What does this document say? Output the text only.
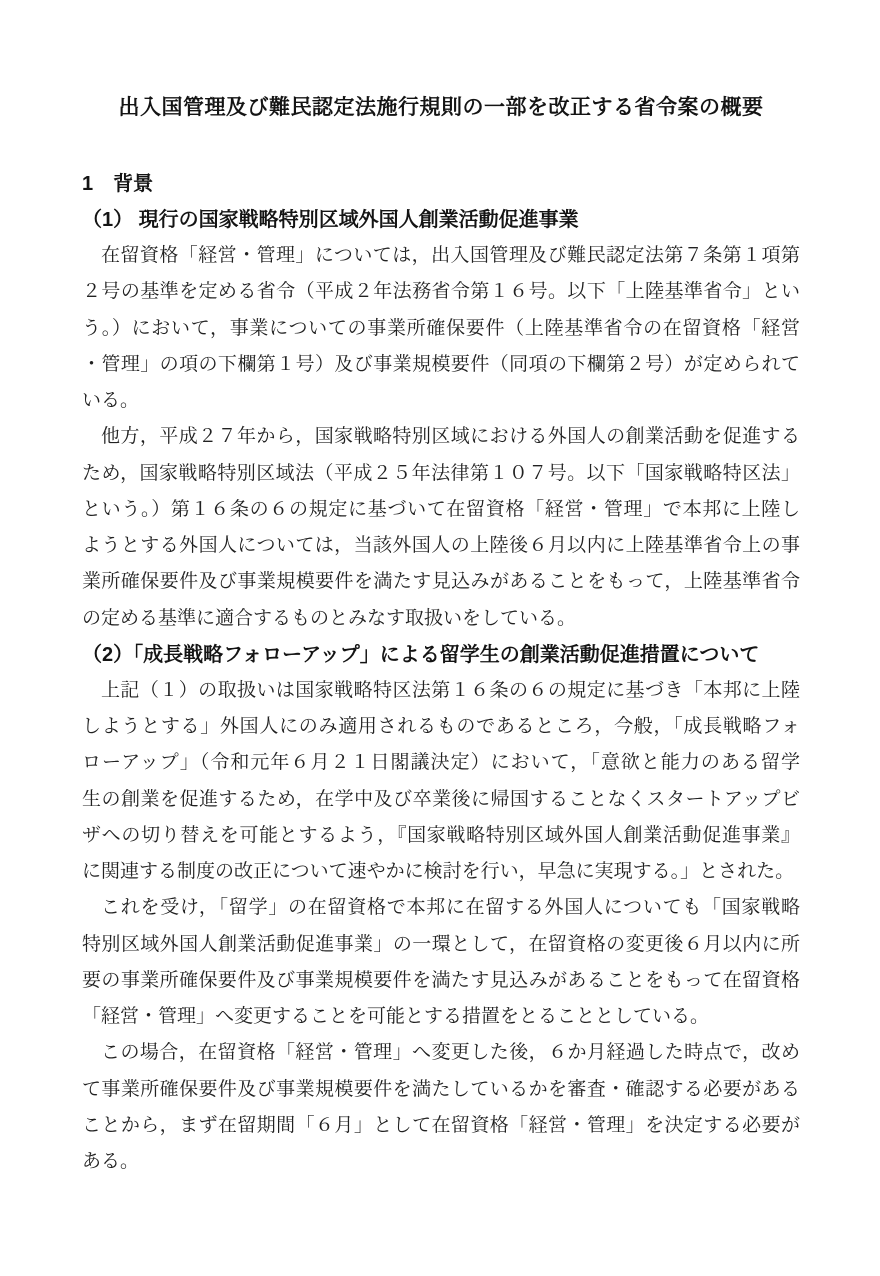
出入国管理及び難民認定法施行規則の一部を改正する省令案の概要
1　背景
（1） 現行の国家戦略特別区域外国人創業活動促進事業
在留資格「経営・管理」については，出入国管理及び難民認定法第７条第１項第
２号の基準を定める省令（平成２年法務省令第１６号。以下「上陸基準省令」とい
う。）において，事業についての事業所確保要件（上陸基準省令の在留資格「経営
・管理」の項の下欄第１号）及び事業規模要件（同項の下欄第２号）が定められて
いる。
他方，平成２７年から，国家戦略特別区域における外国人の創業活動を促進する
ため，国家戦略特別区域法（平成２５年法律第１０７号。以下「国家戦略特区法」
という。）第１６条の６の規定に基づいて在留資格「経営・管理」で本邦に上陸し
ようとする外国人については，当該外国人の上陸後６月以内に上陸基準省令上の事
業所確保要件及び事業規模要件を満たす見込みがあることをもって，上陸基準省令
の定める基準に適合するものとみなす取扱いをしている。
（2）「成長戦略フォローアップ」による留学生の創業活動促進措置について
上記（１）の取扱いは国家戦略特区法第１６条の６の規定に基づき「本邦に上陸
しようとする」外国人にのみ適用されるものであるところ，今般，「成長戦略フォ
ローアップ」（令和元年６月２１日閣議決定）において，「意欲と能力のある留学
生の創業を促進するため，在学中及び卒業後に帰国することなくスタートアップビ
ザへの切り替えを可能とするよう，『国家戦略特別区域外国人創業活動促進事業』
に関連する制度の改正について速やかに検討を行い，早急に実現する。」とされた。
これを受け，「留学」の在留資格で本邦に在留する外国人についても「国家戦略
特別区域外国人創業活動促進事業」の一環として，在留資格の変更後６月以内に所
要の事業所確保要件及び事業規模要件を満たす見込みがあることをもって在留資格
「経営・管理」へ変更することを可能とする措置をとることとしている。
この場合，在留資格「経営・管理」へ変更した後，６か月経過した時点で，改め
て事業所確保要件及び事業規模要件を満たしているかを審査・確認する必要がある
ことから，まず在留期間「６月」として在留資格「経営・管理」を決定する必要が
ある。
